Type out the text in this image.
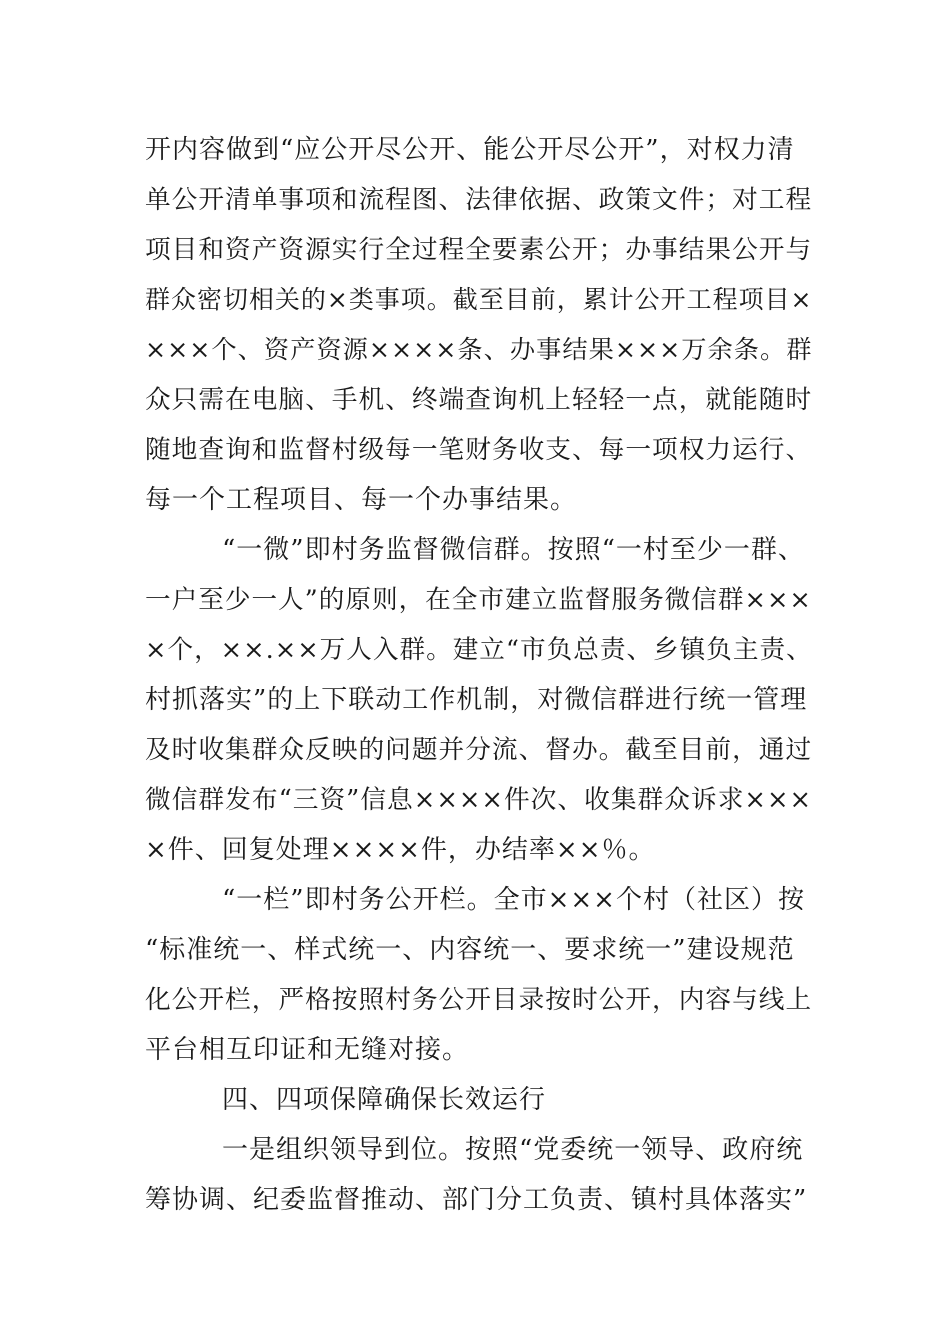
开内容做到“应公开尽公开、能公开尽公开”，对权力清
单公开清单事项和流程图、法律依据、政策文件；对工程
项目和资产资源实行全过程全要素公开；办事结果公开与
群众密切相关的×类事项。截至目前，累计公开工程项目×
×××个、资产资源××××条、办事结果×××万余条。群
众只需在电脑、手机、终端查询机上轻轻一点，就能随时
随地查询和监督村级每一笔财务收支、每一项权力运行、
每一个工程项目、每一个办事结果。
“一微”即村务监督微信群。按照“一村至少一群、
一户至少一人”的原则，在全市建立监督服务微信群×××
×个，××.××万人入群。建立“市负总责、乡镇负主责、
村抓落实”的上下联动工作机制，对微信群进行统一管理
及时收集群众反映的问题并分流、督办。截至目前，通过
微信群发布“三资”信息××××件次、收集群众诉求×××
×件、回复处理××××件，办结率××％。
“一栏”即村务公开栏。全市×××个村（社区）按
“标准统一、样式统一、内容统一、要求统一”建设规范
化公开栏，严格按照村务公开目录按时公开，内容与线上
平台相互印证和无缝对接。
四、四项保障确保长效运行
一是组织领导到位。按照“党委统一领导、政府统
筹协调、纪委监督推动、部门分工负责、镇村具体落实”
